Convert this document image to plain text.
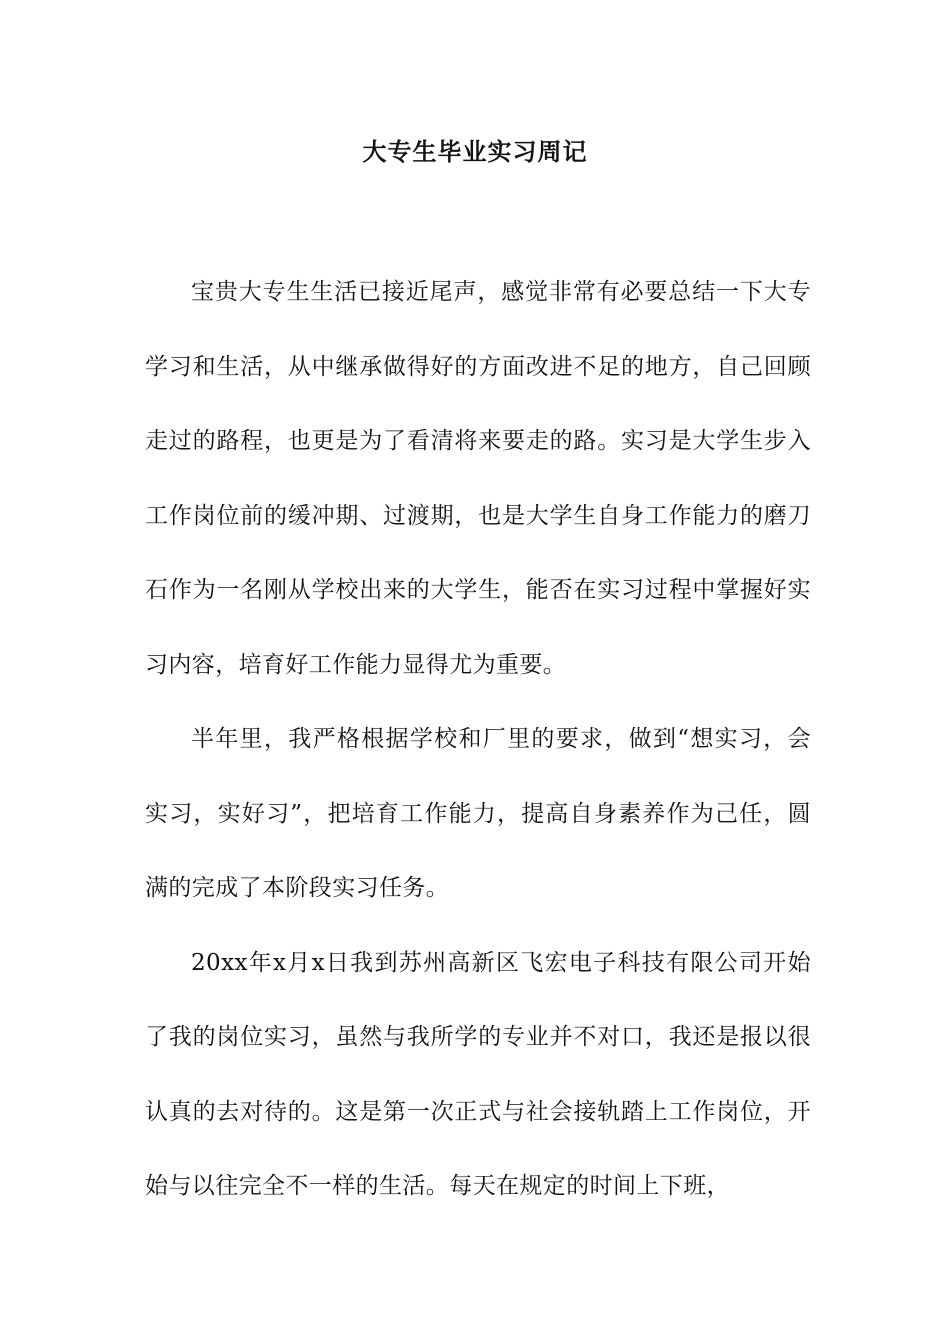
大专生毕业实习周记

宝贵大专生生活已接近尾声，感觉非常有必要总结一下大专学习和生活，从中继承做得好的方面改进不足的地方，自己回顾走过的路程，也更是为了看清将来要走的路。实习是大学生步入工作岗位前的缓冲期、过渡期，也是大学生自身工作能力的磨刀石作为一名刚从学校出来的大学生，能否在实习过程中掌握好实习内容，培育好工作能力显得尤为重要。

半年里，我严格根据学校和厂里的要求，做到“想实习，会实习，实好习”，把培育工作能力，提高自身素养作为己任，圆满的完成了本阶段实习任务。

20xx年x月x日我到苏州高新区飞宏电子科技有限公司开始了我的岗位实习，虽然与我所学的专业并不对口，我还是报以很认真的去对待的。这是第一次正式与社会接轨踏上工作岗位，开始与以往完全不一样的生活。每天在规定的时间上下班，
